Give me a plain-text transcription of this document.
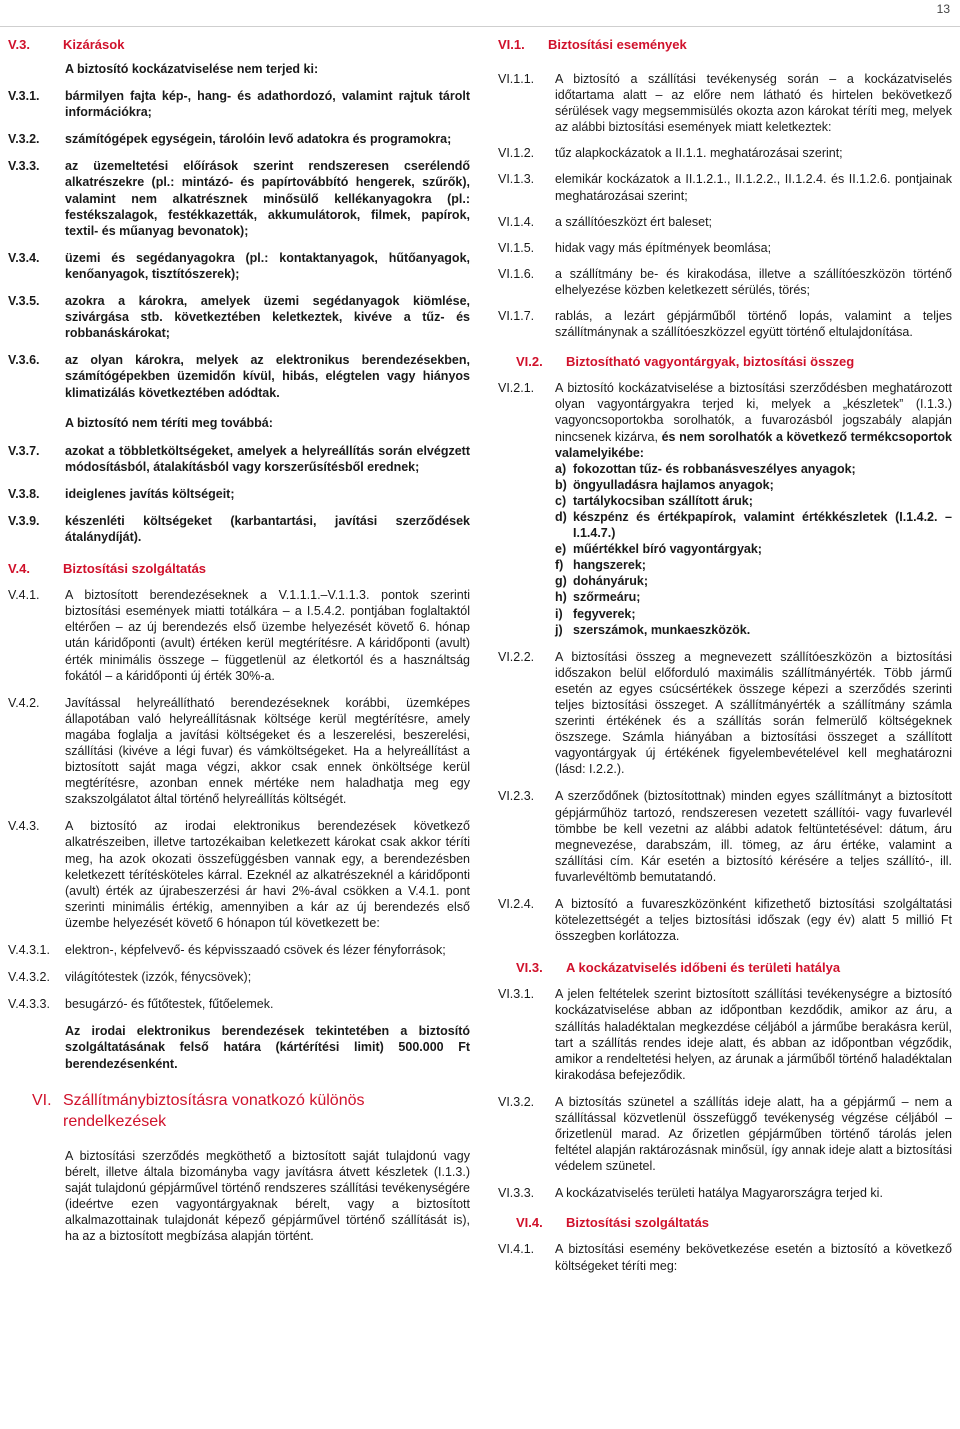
13
V.3.	Kizárások
A biztosító kockázatviselése nem terjed ki:
V.3.1. bármilyen fajta kép-, hang- és adathordozó, valamint rajtuk tárolt információkra;
V.3.2. számítógépek egységein, tárolóin levő adatokra és programokra;
V.3.3. az üzemeltetési előírások szerint rendszeresen cserélendő alkatrészekre (pl.: mintázó- és papírtovábbító hengerek, szűrők), valamint nem alkatrésznek minősülő kellékanyagokra (pl.: festékszalagok, festékkazetták, akkumulátorok, filmek, papírok, textil- és műanyag bevonatok);
V.3.4. üzemi és segédanyagokra (pl.: kontaktanyagok, hűtőanyagok, kenőanyagok, tisztítószerek);
V.3.5. azokra a károkra, amelyek üzemi segédanyagok kiömlése, szivárgása stb. következtében keletkeztek, kivéve a tűz- és robbanáskárokat;
V.3.6. az olyan károkra, melyek az elektronikus berendezésekben, számítógépekben üzemidőn kívül, hibás, elégtelen vagy hiányos klimatizálás következtében adódtak.
A biztosító nem téríti meg továbbá:
V.3.7. azokat a többletköltségeket, amelyek a helyreállítás során elvégzett módosításból, átalakításból vagy korszerűsítésből erednek;
V.3.8. ideiglenes javítás költségeit;
V.3.9. készenléti költségeket (karbantartási, javítási szerződések átalánydíját).
V.4.	Biztosítási szolgáltatás
V.4.1. A biztosított berendezéseknek a V.1.1.1.–V.1.1.3. pontok szerinti biztosítási események miatti totálkára – a I.5.4.2. pontjában foglaltaktól eltérően – az új berendezés első üzembe helyezését követő 6. hónap után káridőponti (avult) értéken kerül megtérítésre. A káridőponti (avult) érték minimális összege – függetlenül az életkortól és a használtság fokától – a káridőponti új érték 30%-a.
V.4.2. Javítással helyreállítható berendezéseknek korábbi, üzemképes állapotában való helyreállításnak költsége kerül megtérítésre, amely magába foglalja a javítási költségeket és a leszerelési, beszerelési, szállítási (kivéve a légi fuvar) és vámköltségeket. Ha a helyreállítást a biztosított saját maga végzi, akkor csak ennek önköltsége kerül megtérítésre, azonban ennek mértéke nem haladhatja meg egy szakszolgálatot által történő helyreállítás költségét.
V.4.3. A biztosító az irodai elektronikus berendezések következő alkatrészeiben, illetve tartozékaiban keletkezett károkat csak akkor téríti meg, ha azok okozati összefüggésben vannak egy, a berendezésben keletkezett térítésköteles kárral. Ezeknél az alkatrészeknél a káridőponti (avult) érték az újrabeszerzési ár havi 2%-ával csökken a V.4.1. pont szerinti minimális értékig, amennyiben a kár az új berendezés első üzembe helyezését követő 6 hónapon túl következett be:
V.4.3.1. elektron-, képfelvevő- és képvisszaadó csövek és lézer fényforrások;
V.4.3.2. világítótestek (izzók, fénycsövek);
V.4.3.3. besugárzó- és fűtőtestek, fűtőelemek.
Az irodai elektronikus berendezések tekintetében a biztosító szolgáltatásának felső határa (kártérítési limit) 500.000 Ft berendezésenként.
VI. Szállítmánybiztosításra vonatkozó különös rendelkezések
A biztosítási szerződés megköthető a biztosított saját tulajdonú vagy bérelt, illetve általa bizományba vagy javításra átvett készletek (I.1.3.) saját tulajdonú gépjárművel történő rendszeres szállítási tevékenységére (ideértve ezen vagyontárgyaknak bérelt, vagy a biztosított alkalmazottainak tulajdonát képező gépjárművel történő szállítását is), ha az a biztosított megbízása alapján történt.
VI.1. Biztosítási események
VI.1.1. A biztosító a szállítási tevékenység során – a kockázatviselés időtartama alatt – az előre nem látható és hirtelen bekövetkező sérülések vagy megsemmisülés okozta azon károkat téríti meg, melyek az alábbi biztosítási események miatt keletkeztek:
VI.1.2. tűz alapkockázatok a II.1.1. meghatározásai szerint;
VI.1.3. elemikár kockázatok a II.1.2.1., II.1.2.2., II.1.2.4. és II.1.2.6. pontjainak meghatározásai szerint;
VI.1.4. a szállítóeszközt ért baleset;
VI.1.5. hidak vagy más építmények beomlása;
VI.1.6. a szállítmány be- és kirakodása, illetve a szállítóeszközön történő elhelyezése közben keletkezett sérülés, törés;
VI.1.7. rablás, a lezárt gépjárműből történő lopás, valamint a teljes szállítmánynak a szállítóeszközzel együtt történő eltulajdonítása.
VI.2. Biztosítható vagyontárgyak, biztosítási összeg
VI.2.1. A biztosító kockázatviselése a biztosítási szerződésben meghatározott olyan vagyontárgyakra terjed ki, melyek a „készletek” (I.1.3.) vagyoncsoportokba sorolhatók, a fuvarozásból jogszabály alapján nincsenek kizárva, és nem sorolhatók a következő termékcsoportok valamelyikébe:
a) fokozottan tűz- és robbanásveszélyes anyagok;
b) öngyulladásra hajlamos anyagok;
c) tartálykocsiban szállított áruk;
d) készpénz és értékpapírok, valamint értékkészletek (I.1.4.2. – I.1.4.7.)
e) műértékkel bíró vagyontárgyak;
f) hangszerek;
g) dohányáruk;
h) szőrmeáru;
i) fegyverek;
j) szerszámok, munkaeszközök.
VI.2.2. A biztosítási összeg a megnevezett szállítóeszközön a biztosítási időszakon belül előforduló maximális szállítmányérték. Több jármű esetén az egyes csúcsértékek összege képezi a szerződés szerinti teljes biztosítási összeget. A szállítmányérték a szállítmány számla szerinti értékének és a szállítás során felmerülő költségeknek öszszege. Számla hiányában a biztosítási összeget a szállított vagyontárgyak új értékének figyelembevételével kell meghatározni (lásd: I.2.2.).
VI.2.3. A szerződőnek (biztosítottnak) minden egyes szállítmányt a biztosított gépjárműhöz tartozó, rendszeresen vezetett szállítói- vagy fuvarlevél tömbbe be kell vezetni az alábbi adatok feltüntetésével: dátum, áru megnevezése, darabszám, ill. tömeg, az áru értéke, valamint a szállítási cím. Kár esetén a biztosító kérésére a teljes szállító-, ill. fuvarlevéltömb bemutatandó.
VI.2.4. A biztosító a fuvareszközönként kifizethető biztosítási szolgáltatási kötelezettségét a teljes biztosítási időszak (egy év) alatt 5 millió Ft összegben korlátozza.
VI.3. A kockázatviselés időbeni és területi hatálya
VI.3.1. A jelen feltételek szerint biztosított szállítási tevékenységre a biztosító kockázatviselése abban az időpontban kezdődik, amikor az áru, a szállítás haladéktalan megkezdése céljából a járműbe berakásra kerül, tart a szállítás rendes ideje alatt, és abban az időpontban végződik, amikor a rendeltetési helyen, az árunak a járműből történő haladéktalan kirakodása befejeződik.
VI.3.2. A biztosítás szünetel a szállítás ideje alatt, ha a gépjármű – nem a szállítással közvetlenül összefüggő tevékenység végzése céljából – őrizetlenül marad. Az őrizetlen gépjárműben történő tárolás jelen feltétel alapján raktározásnak minősül, így annak ideje alatt a biztosítási védelem szünetel.
VI.3.3. A kockázatviselés területi hatálya Magyarországra terjed ki.
VI.4. Biztosítási szolgáltatás
VI.4.1. A biztosítási esemény bekövetkezése esetén a biztosító a következő költségeket téríti meg:
